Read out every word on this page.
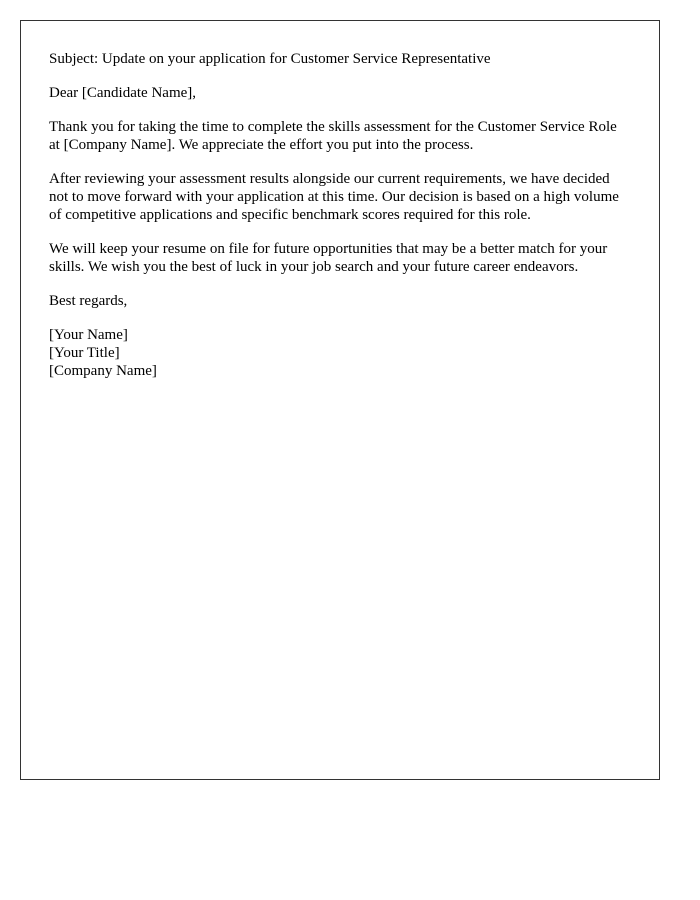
Subject: Update on your application for Customer Service Representative

Dear [Candidate Name],

Thank you for taking the time to complete the skills assessment for the Customer Service Role at [Company Name]. We appreciate the effort you put into the process.

After reviewing your assessment results alongside our current requirements, we have decided not to move forward with your application at this time. Our decision is based on a high volume of competitive applications and specific benchmark scores required for this role.

We will keep your resume on file for future opportunities that may be a better match for your skills. We wish you the best of luck in your job search and your future career endeavors.

Best regards,

[Your Name]
[Your Title]
[Company Name]
